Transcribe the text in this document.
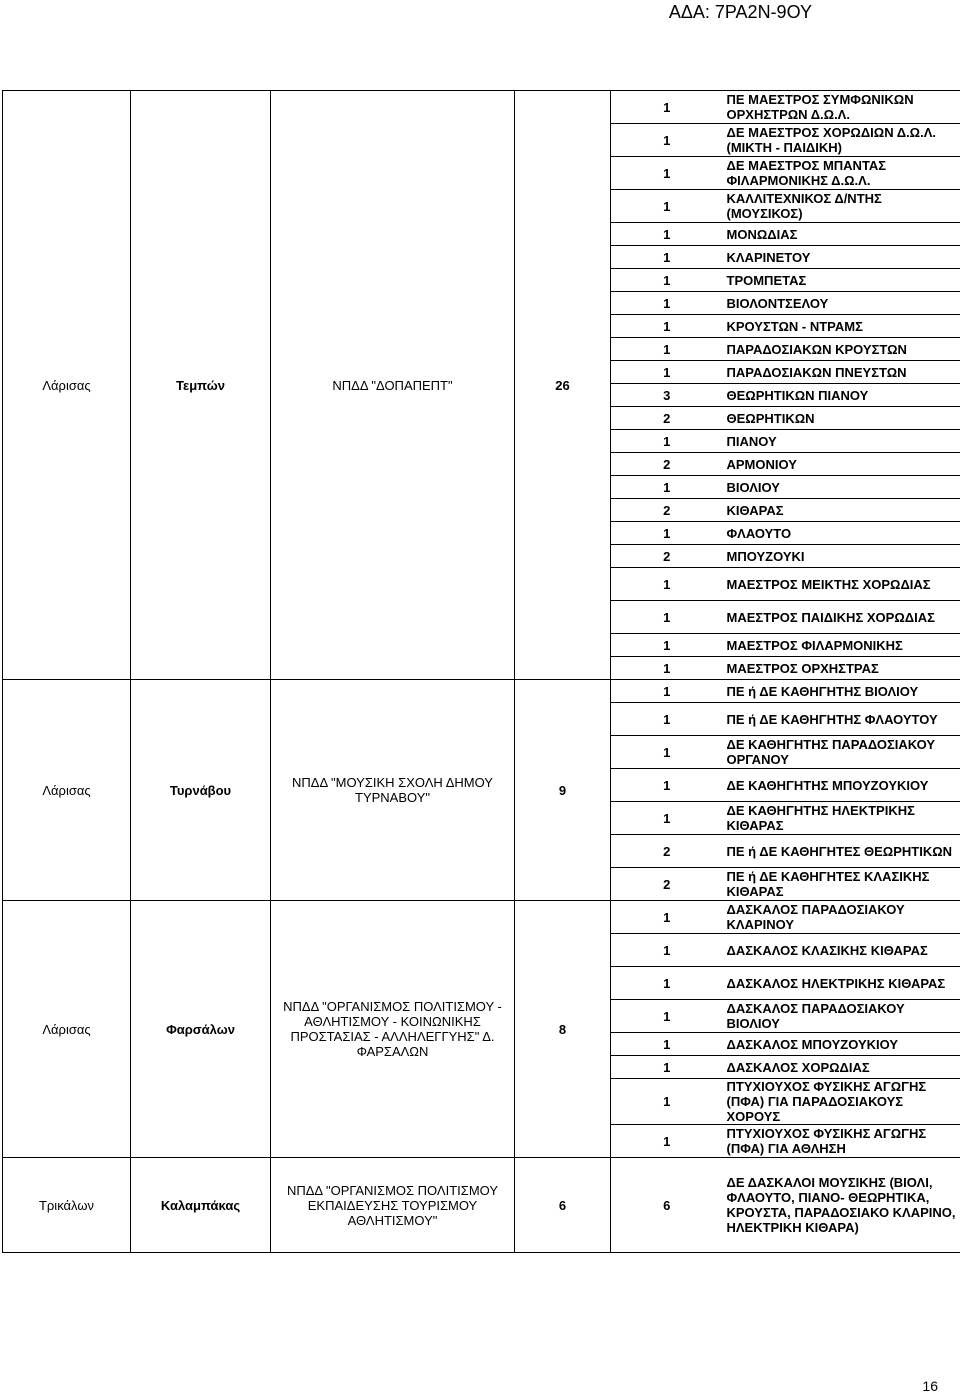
ΑΔΑ: 7ΡΑ2Ν-9ΟΥ
Λάρισας	Τεμπών	ΝΠΔΔ "ΔΟΠΑΠΕΠΤ"	26	1	ΠΕ ΜΑΕΣΤΡΟΣ ΣΥΜΦΩΝΙΚΩΝ ΟΡΧΗΣΤΡΩΝ Δ.Ω.Λ.
				1	ΔΕ ΜΑΕΣΤΡΟΣ ΧΟΡΩΔΙΩΝ Δ.Ω.Λ. (ΜΙΚΤΗ - ΠΑΙΔΙΚΗ)
				1	ΔΕ ΜΑΕΣΤΡΟΣ ΜΠΑΝΤΑΣ ΦΙΛΑΡΜΟΝΙΚΗΣ Δ.Ω.Λ.
				1	ΚΑΛΛΙΤΕΧΝΙΚΟΣ Δ/ΝΤΗΣ (ΜΟΥΣΙΚΟΣ)
				1	ΜΟΝΩΔΙΑΣ
				1	ΚΛΑΡΙΝΕΤΟΥ
				1	ΤΡΟΜΠΕΤΑΣ
				1	ΒΙΟΛΟΝΤΣΕΛΟΥ
				1	ΚΡΟΥΣΤΩΝ - ΝΤΡΑΜΣ
				1	ΠΑΡΑΔΟΣΙΑΚΩΝ ΚΡΟΥΣΤΩΝ
				1	ΠΑΡΑΔΟΣΙΑΚΩΝ ΠΝΕΥΣΤΩΝ
				3	ΘΕΩΡΗΤΙΚΩΝ ΠΙΑΝΟΥ
				2	ΘΕΩΡΗΤΙΚΩΝ
				1	ΠΙΑΝΟΥ
				2	ΑΡΜΟΝΙΟΥ
				1	ΒΙΟΛΙΟΥ
				2	ΚΙΘΑΡΑΣ
				1	ΦΛΑΟΥΤΟ
				2	ΜΠΟΥΖΟΥΚΙ
				1	ΜΑΕΣΤΡΟΣ ΜΕΙΚΤΗΣ ΧΟΡΩΔΙΑΣ
				1	ΜΑΕΣΤΡΟΣ ΠΑΙΔΙΚΗΣ ΧΟΡΩΔΙΑΣ
				1	ΜΑΕΣΤΡΟΣ ΦΙΛΑΡΜΟΝΙΚΗΣ
				1	ΜΑΕΣΤΡΟΣ ΟΡΧΗΣΤΡΑΣ
Λάρισας	Τυρνάβου	ΝΠΔΔ "ΜΟΥΣΙΚΗ ΣΧΟΛΗ ΔΗΜΟΥ ΤΥΡΝΑΒΟΥ"	9	1	ΠΕ ή ΔΕ ΚΑΘΗΓΗΤΗΣ ΒΙΟΛΙΟΥ
				1	ΠΕ ή ΔΕ ΚΑΘΗΓΗΤΗΣ ΦΛΑΟΥΤΟΥ
				1	ΔΕ ΚΑΘΗΓΗΤΗΣ ΠΑΡΑΔΟΣΙΑΚΟΥ ΟΡΓΑΝΟΥ
				1	ΔΕ ΚΑΘΗΓΗΤΗΣ ΜΠΟΥΖΟΥΚΙΟΥ
				1	ΔΕ ΚΑΘΗΓΗΤΗΣ ΗΛΕΚΤΡΙΚΗΣ ΚΙΘΑΡΑΣ
				2	ΠΕ ή ΔΕ ΚΑΘΗΓΗΤΕΣ ΘΕΩΡΗΤΙΚΩΝ
				2	ΠΕ ή ΔΕ ΚΑΘΗΓΗΤΕΣ ΚΛΑΣΙΚΗΣ ΚΙΘΑΡΑΣ
Λάρισας	Φαρσάλων	ΝΠΔΔ "ΟΡΓΑΝΙΣΜΟΣ ΠΟΛΙΤΙΣΜΟΥ - ΑΘΛΗΤΙΣΜΟΥ - ΚΟΙΝΩΝΙΚΗΣ ΠΡΟΣΤΑΣΙΑΣ - ΑΛΛΗΛΕΓΓΥΗΣ" Δ. ΦΑΡΣΑΛΩΝ	8	1	ΔΑΣΚΑΛΟΣ ΠΑΡΑΔΟΣΙΑΚΟΥ ΚΛΑΡΙΝΟΥ
				1	ΔΑΣΚΑΛΟΣ ΚΛΑΣΙΚΗΣ ΚΙΘΑΡΑΣ
				1	ΔΑΣΚΑΛΟΣ ΗΛΕΚΤΡΙΚΗΣ ΚΙΘΑΡΑΣ
				1	ΔΑΣΚΑΛΟΣ ΠΑΡΑΔΟΣΙΑΚΟΥ ΒΙΟΛΙΟΥ
				1	ΔΑΣΚΑΛΟΣ ΜΠΟΥΖΟΥΚΙΟΥ
				1	ΔΑΣΚΑΛΟΣ ΧΟΡΩΔΙΑΣ
				1	ΠΤΥΧΙΟΥΧΟΣ ΦΥΣΙΚΗΣ ΑΓΩΓΗΣ (ΠΦΑ) ΓΙΑ ΠΑΡΑΔΟΣΙΑΚΟΥΣ ΧΟΡΟΥΣ
				1	ΠΤΥΧΙΟΥΧΟΣ ΦΥΣΙΚΗΣ ΑΓΩΓΗΣ (ΠΦΑ) ΓΙΑ ΑΘΛΗΣΗ
Τρικάλων	Καλαμπάκας	ΝΠΔΔ "ΟΡΓΑΝΙΣΜΟΣ ΠΟΛΙΤΙΣΜΟΥ ΕΚΠΑΙΔΕΥΣΗΣ ΤΟΥΡΙΣΜΟΥ ΑΘΛΗΤΙΣΜΟΥ"	6	6	ΔΕ ΔΑΣΚΑΛΟΙ ΜΟΥΣΙΚΗΣ (ΒΙΟΛΙ, ΦΛΑΟΥΤΟ, ΠΙΑΝΟ- ΘΕΩΡΗΤΙΚΑ, ΚΡΟΥΣΤΑ, ΠΑΡΑΔΟΣΙΑΚΟ ΚΛΑΡΙΝΟ, ΗΛΕΚΤΡΙΚΗ ΚΙΘΑΡΑ)
16
